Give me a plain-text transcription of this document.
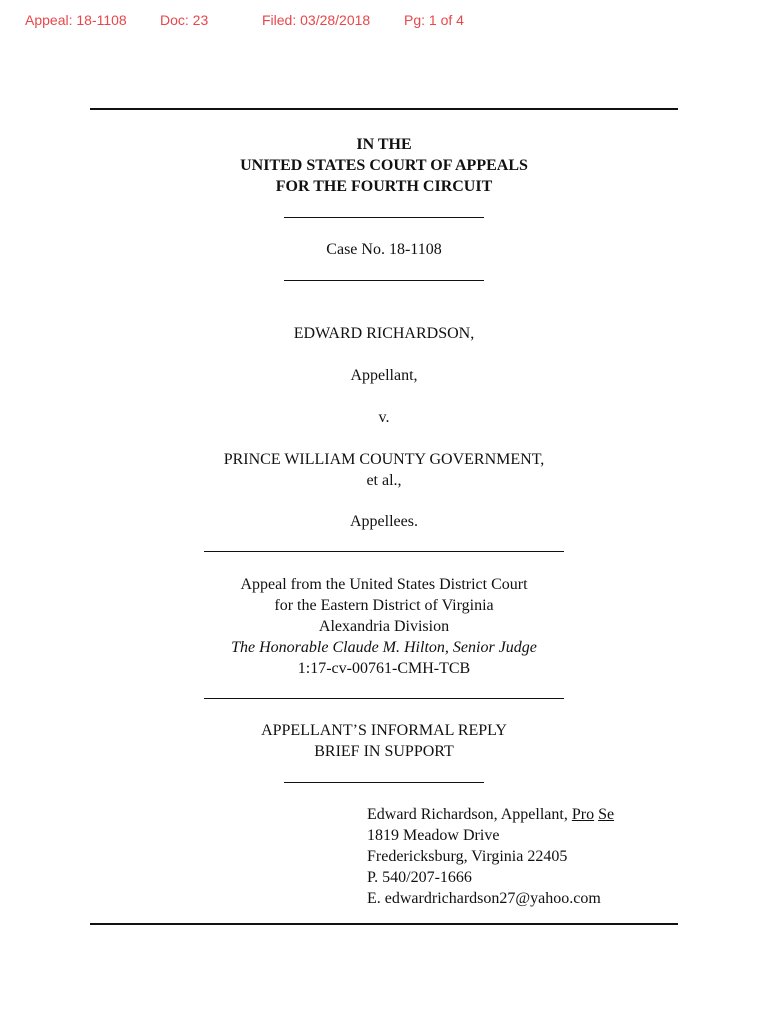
Appeal: 18-1108 Doc: 23	Filed: 03/28/2018 Pg: 1 of 4
IN THE
UNITED STATES COURT OF APPEALS
FOR THE FOURTH CIRCUIT
Case No. 18-1108
EDWARD RICHARDSON,
Appellant,
v.
PRINCE WILLIAM COUNTY GOVERNMENT,
et al.,
Appellees.
Appeal from the United States District Court
for the Eastern District of Virginia
Alexandria Division
The Honorable Claude M. Hilton, Senior Judge
1:17-cv-00761-CMH-TCB
APPELLANT’S INFORMAL REPLY
BRIEF IN SUPPORT
Edward Richardson, Appellant, Pro Se
1819 Meadow Drive
Fredericksburg, Virginia 22405
P. 540/207-1666
E. edwardrichardson27@yahoo.com
